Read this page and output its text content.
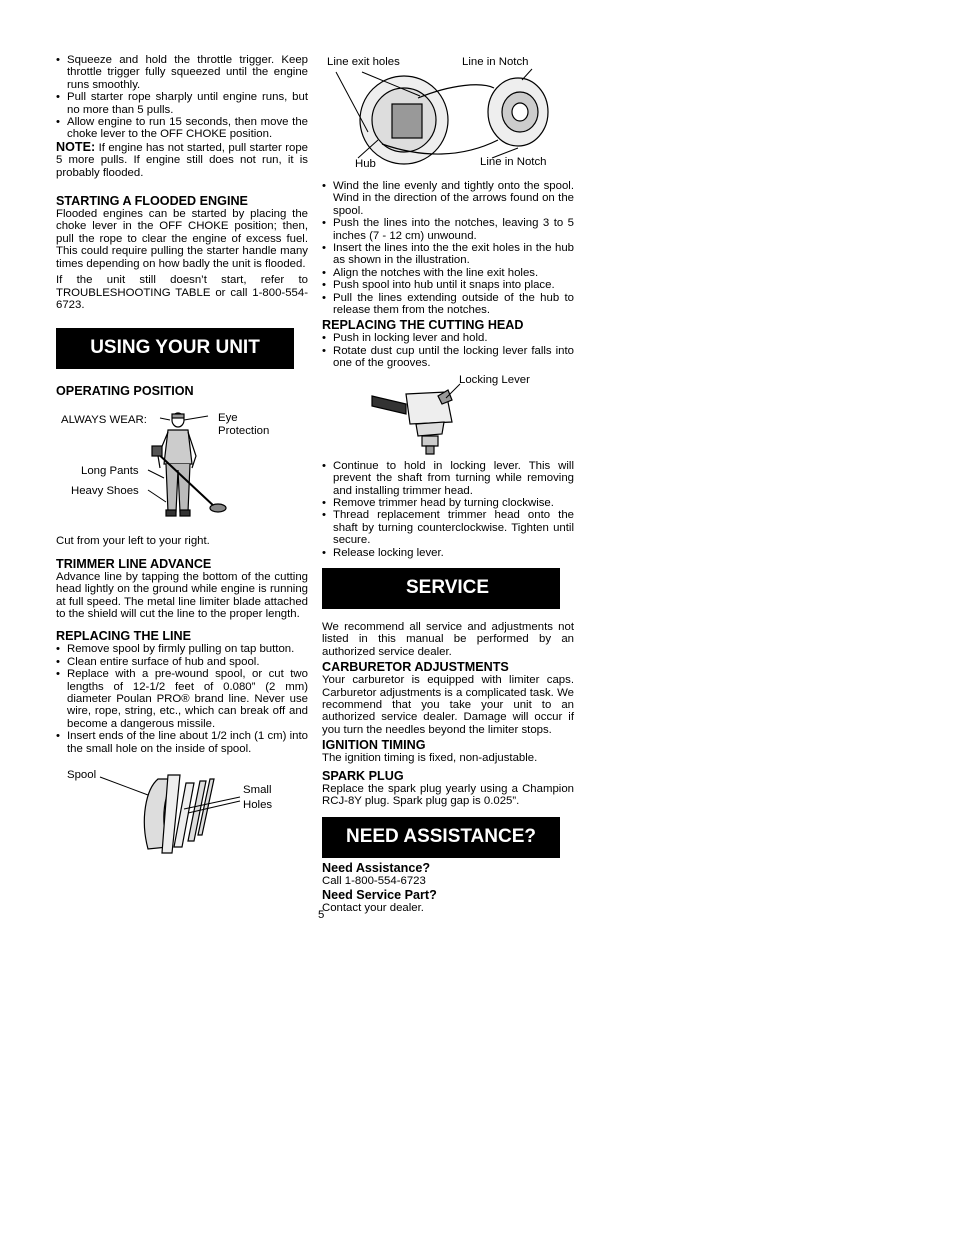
• Squeeze and hold the throttle trigger. Keep throttle trigger fully squeezed until the engine runs smoothly.
• Pull starter rope sharply until engine runs, but no more than 5 pulls.
• Allow engine to run 15 seconds, then move the choke lever to the OFF CHOKE position.

NOTE: If engine has not started, pull starter rope 5 more pulls. If engine still does not run, it is probably flooded.

STARTING A FLOODED ENGINE

Flooded engines can be started by placing the choke lever in the OFF CHOKE position; then, pull the rope to clear the engine of excess fuel. This could require pulling the starter handle many times depending on how badly the unit is flooded.

If the unit still doesn’t start, refer to TROUBLESHOOTING TABLE or call 1-800-554-6723.

USING YOUR UNIT
OPERATING POSITION
ALWAYS WEAR:	Eye
Protection
Long Pants
Heavy Shoes

Cut from your left to your right.

TRIMMER LINE ADVANCE

Advance line by tapping the bottom of the cutting head lightly on the ground while engine is running at full speed. The metal line limiter blade attached to the shield will cut the line to the proper length.

REPLACING THE LINE
• Remove spool by firmly pulling on tap button.
• Clean entire surface of hub and spool.
• Replace with a pre-wound spool, or cut two lengths of 12-1/2 feet of 0.080” (2 mm) diameter Poulan PRO® brand line. Never use wire, rope, string, etc., which can break off and become a dangerous missile.
• Insert ends of the line about 1/2 inch (1 cm) into the small hole on the inside of spool.
Spool
Small
Holes
Line exit holes	Line in Notch
Hub	Line in Notch
• Wind the line evenly and tightly onto the spool. Wind in the direction of the arrows found on the spool.
• Push the lines into the notches, leaving 3 to 5 inches (7 - 12 cm) unwound.
• Insert the lines into the the exit holes in the hub as shown in the illustration.
• Align the notches with the line exit holes.
• Push spool into hub until it snaps into place.
• Pull the lines extending outside of the hub to release them from the notches.
REPLACING THE CUTTING HEAD
• Push in locking lever and hold.
• Rotate dust cup until the locking lever falls into one of the grooves.
Locking Lever
• Continue to hold in locking lever. This will prevent the shaft from turning while removing and installing trimmer head.
• Remove trimmer head by turning clockwise.
• Thread replacement trimmer head onto the shaft by turning counterclockwise. Tighten until secure.
• Release locking lever.
SERVICE

We recommend all service and adjustments not listed in this manual be performed by an authorized service dealer.

CARBURETOR ADJUSTMENTS

Your carburetor is equipped with limiter caps. Carburetor adjustments is a complicated task. We recommend that you take your unit to an authorized service dealer. Damage will occur if you turn the needles beyond the limiter stops.

IGNITION TIMING

The ignition timing is fixed, non-adjustable.

SPARK PLUG

Replace the spark plug yearly using a Champion RCJ-8Y plug. Spark plug gap is 0.025”.

NEED ASSISTANCE?
Need Assistance?

Call 1-800-554-6723

Need Service Part?

Contact your dealer.

5
